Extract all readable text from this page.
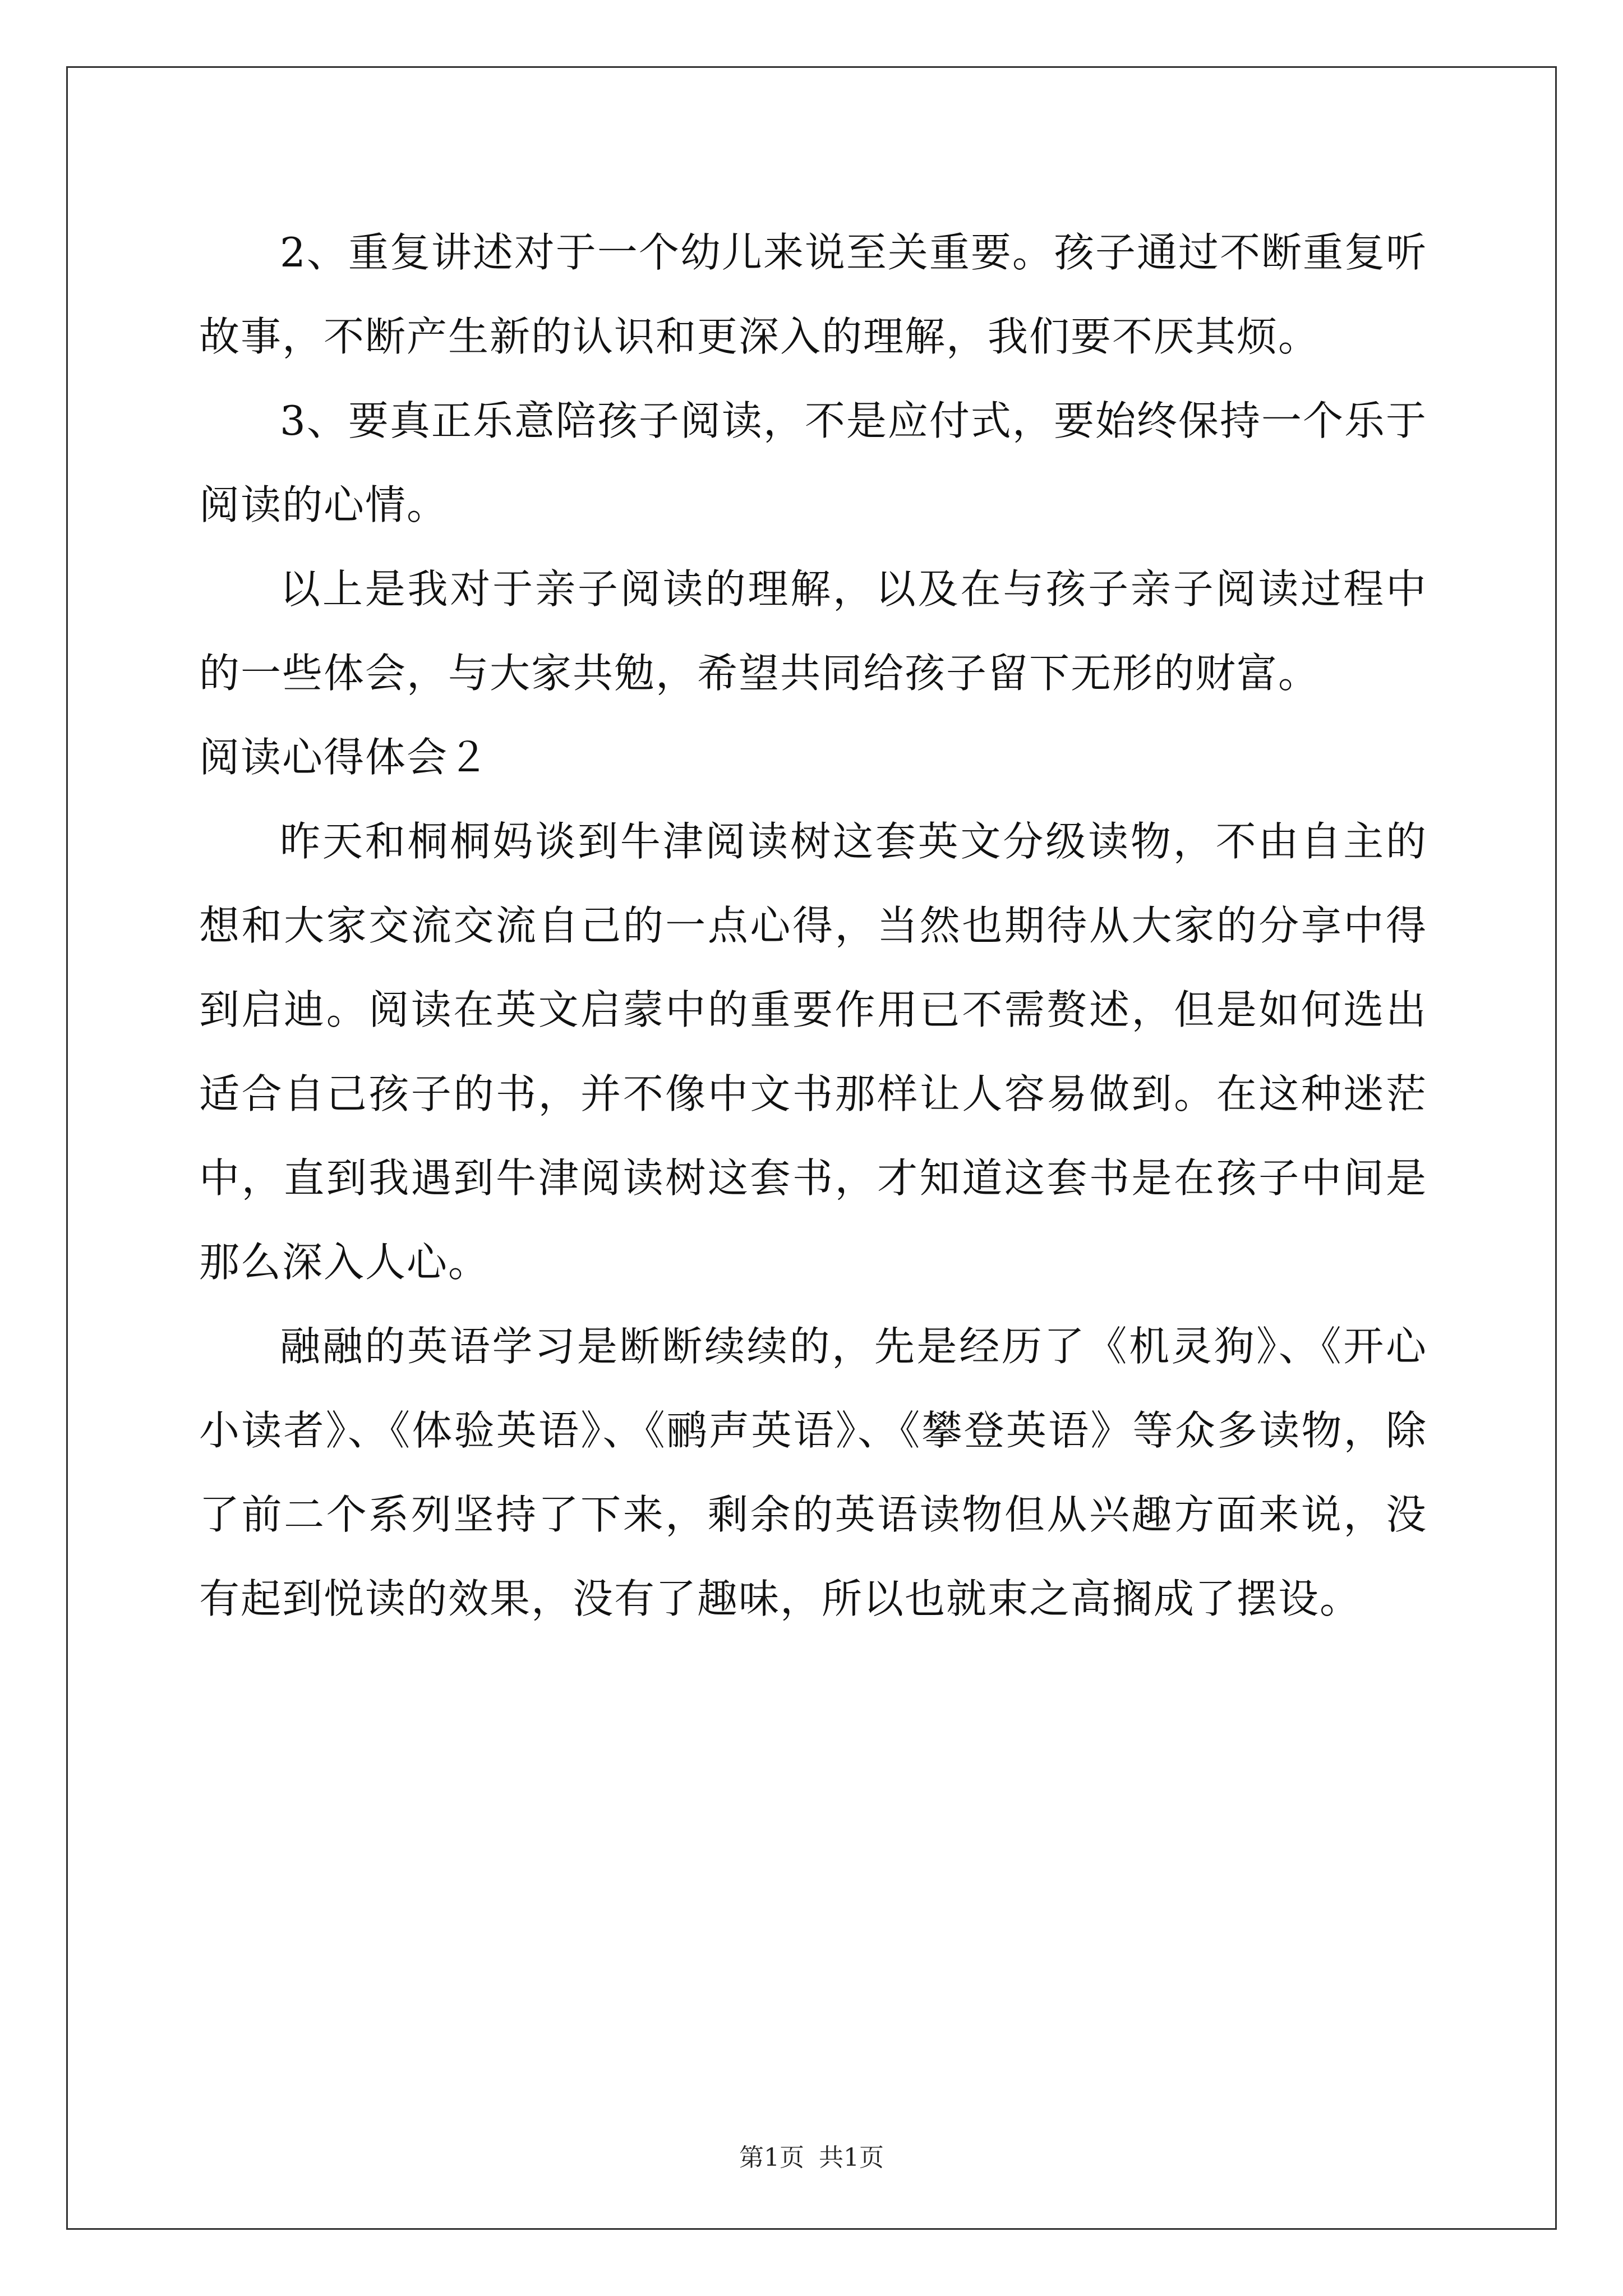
2、重复讲述对于一个幼儿来说至关重要。孩子通过不断重复听故事，不断产生新的认识和更深入的理解，我们要不厌其烦。

3、要真正乐意陪孩子阅读，不是应付式，要始终保持一个乐于阅读的心情。

以上是我对于亲子阅读的理解，以及在与孩子亲子阅读过程中的一些体会，与大家共勉，希望共同给孩子留下无形的财富。

阅读心得体会２

昨天和桐桐妈谈到牛津阅读树这套英文分级读物，不由自主的想和大家交流交流自己的一点心得，当然也期待从大家的分享中得到启迪。阅读在英文启蒙中的重要作用已不需赘述，但是如何选出适合自己孩子的书，并不像中文书那样让人容易做到。在这种迷茫中，直到我遇到牛津阅读树这套书，才知道这套书是在孩子中间是那么深入人心。

融融的英语学习是断断续续的，先是经历了《机灵狗》、《开心小读者》、《体验英语》、《鹂声英语》、《攀登英语》等众多读物，除了前二个系列坚持了下来，剩余的英语读物但从兴趣方面来说，没有起到悦读的效果，没有了趣味，所以也就束之高搁成了摆设。

第1页 共1页
